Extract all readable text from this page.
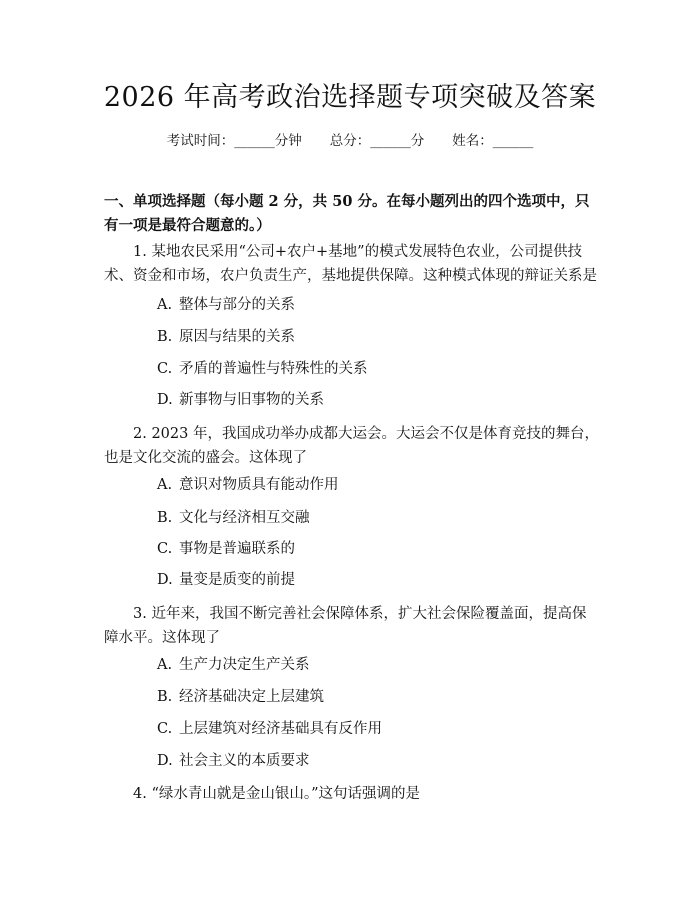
2026 年高考政治选择题专项突破及答案
考试时间：______分钟 总分：______分 姓名：______
一、单项选择题（每小题 2 分，共 50 分。在每小题列出的四个选项中，只有一项是最符合题意的。）
1. 某地农民采用“公司+农户+基地”的模式发展特色农业，公司提供技术、资金和市场，农户负责生产，基地提供保障。这种模式体现的辩证关系是
A. 整体与部分的关系
B. 原因与结果的关系
C. 矛盾的普遍性与特殊性的关系
D. 新事物与旧事物的关系
2. 2023 年，我国成功举办成都大运会。大运会不仅是体育竞技的舞台，也是文化交流的盛会。这体现了
A. 意识对物质具有能动作用
B. 文化与经济相互交融
C. 事物是普遍联系的
D. 量变是质变的前提
3. 近年来，我国不断完善社会保障体系，扩大社会保险覆盖面，提高保障水平。这体现了
A. 生产力决定生产关系
B. 经济基础决定上层建筑
C. 上层建筑对经济基础具有反作用
D. 社会主义的本质要求
4. “绿水青山就是金山银山。”这句话强调的是
